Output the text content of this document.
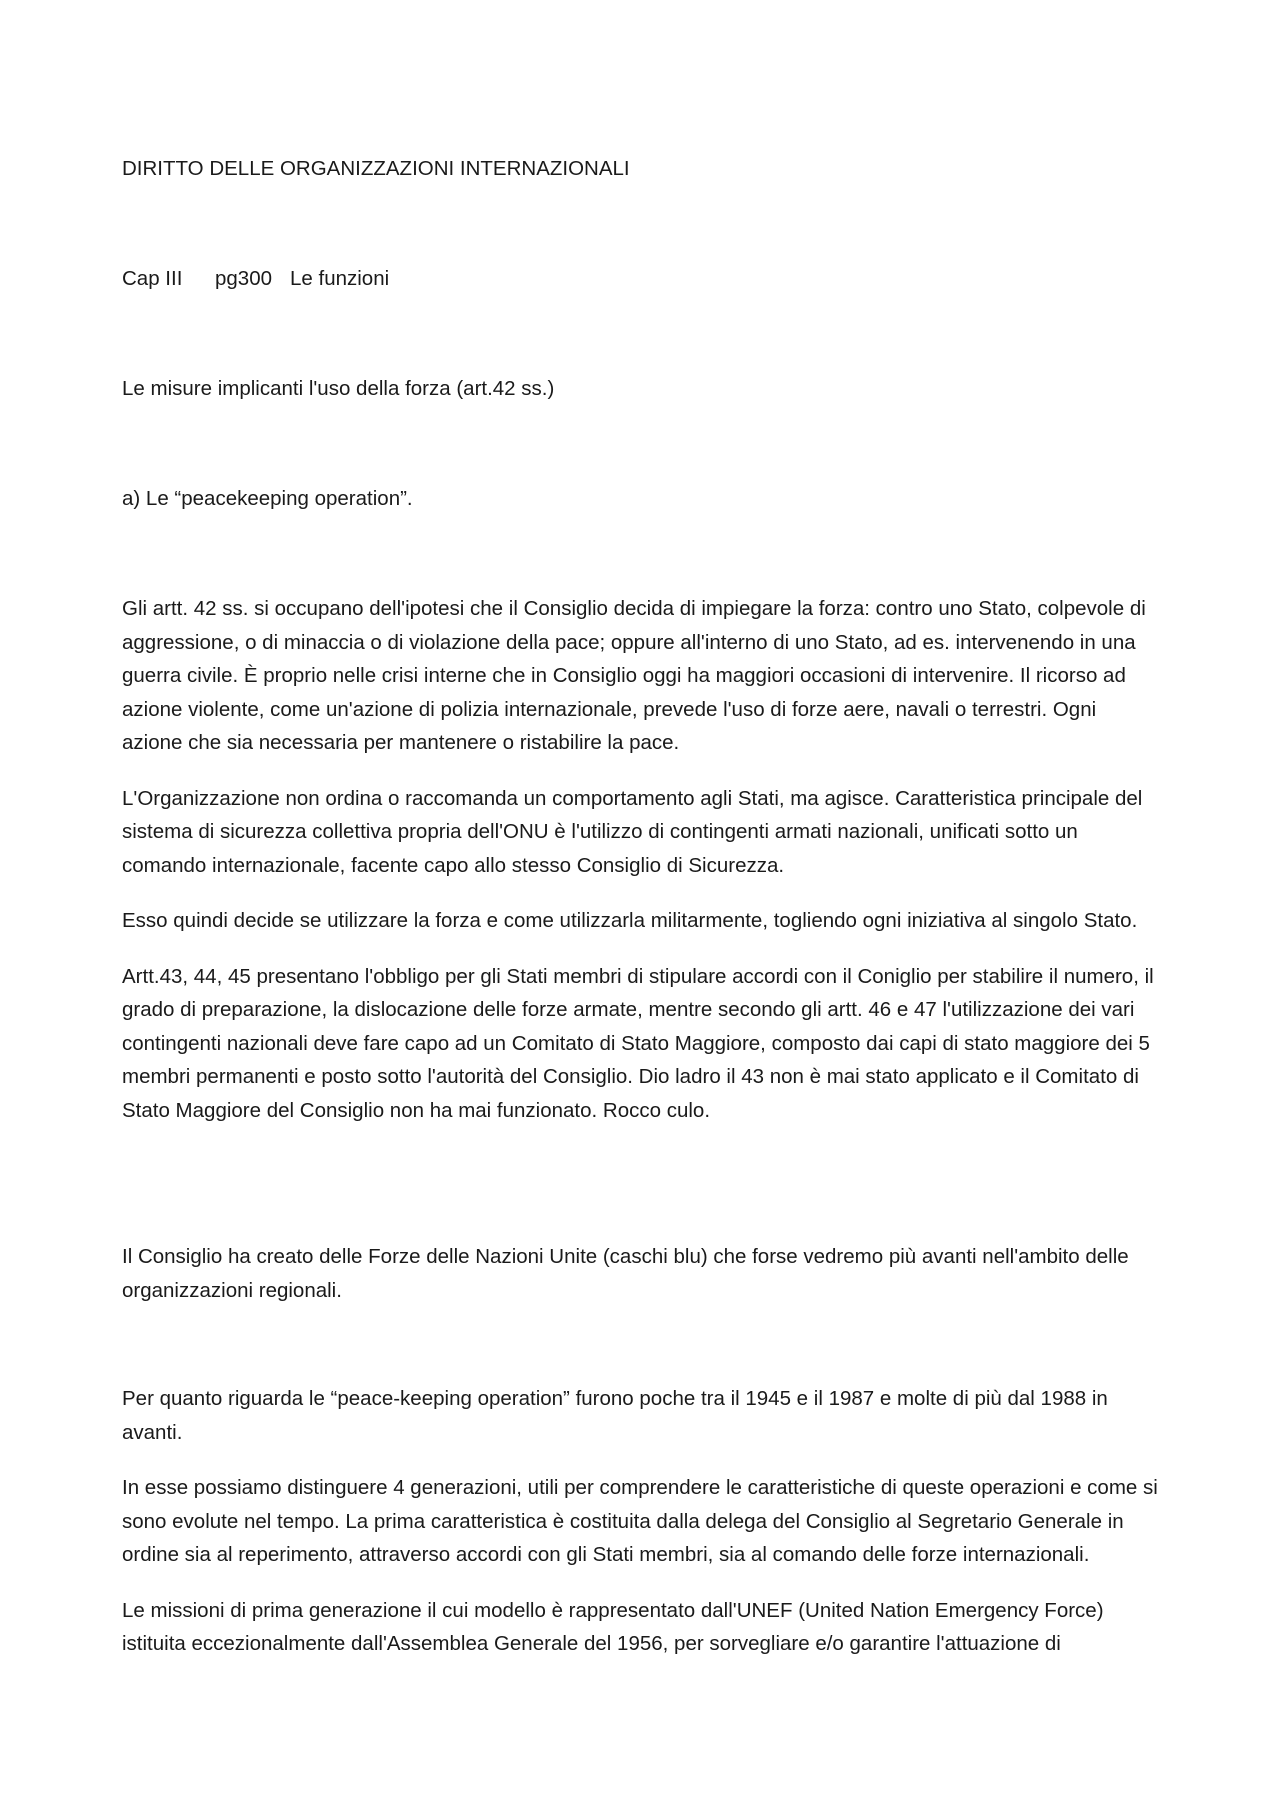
DIRITTO DELLE ORGANIZZAZIONI INTERNAZIONALI
Cap III pg300 Le funzioni
Le misure implicanti l'uso della forza (art.42 ss.)
a) Le “peacekeeping operation”.

Gli artt. 42 ss. si occupano dell'ipotesi che il Consiglio decida di impiegare la forza: contro uno Stato, colpevole di aggressione, o di minaccia o di violazione della pace; oppure all'interno di uno Stato, ad es. intervenendo in una guerra civile. È proprio nelle crisi interne che in Consiglio oggi ha maggiori occasioni di intervenire. Il ricorso ad azione violente, come un'azione di polizia internazionale, prevede l'uso di forze aere, navali o terrestri. Ogni azione che sia necessaria per mantenere o ristabilire la pace.

L'Organizzazione non ordina o raccomanda un comportamento agli Stati, ma agisce. Caratteristica principale del sistema di sicurezza collettiva propria dell'ONU è l'utilizzo di contingenti armati nazionali, unificati sotto un comando internazionale, facente capo allo stesso Consiglio di Sicurezza.

Esso quindi decide se utilizzare la forza e come utilizzarla militarmente, togliendo ogni iniziativa al singolo Stato.

Artt.43, 44, 45 presentano l'obbligo per gli Stati membri di stipulare accordi con il Coniglio per stabilire il numero, il grado di preparazione, la dislocazione delle forze armate, mentre secondo gli artt. 46 e 47 l'utilizzazione dei vari contingenti nazionali deve fare capo ad un Comitato di Stato Maggiore, composto dai capi di stato maggiore dei 5 membri permanenti e posto sotto l'autorità del Consiglio. Dio ladro il 43 non è mai stato applicato e il Comitato di Stato Maggiore del Consiglio non ha mai funzionato. Rocco culo.

Il Consiglio ha creato delle Forze delle Nazioni Unite (caschi blu) che forse vedremo più avanti nell'ambito delle organizzazioni regionali.

Per quanto riguarda le “peace-keeping operation” furono poche tra il 1945 e il 1987 e molte di più dal 1988 in avanti.

In esse possiamo distinguere 4 generazioni, utili per comprendere le caratteristiche di queste operazioni e come si sono evolute nel tempo. La prima caratteristica è costituita dalla delega del Consiglio al Segretario Generale in ordine sia al reperimento, attraverso accordi con gli Stati membri, sia al comando delle forze internazionali.

Le missioni di prima generazione il cui modello è rappresentato dall'UNEF (United Nation Emergency Force) istituita eccezionalmente dall'Assemblea Generale del 1956, per sorvegliare e/o garantire l'attuazione di
